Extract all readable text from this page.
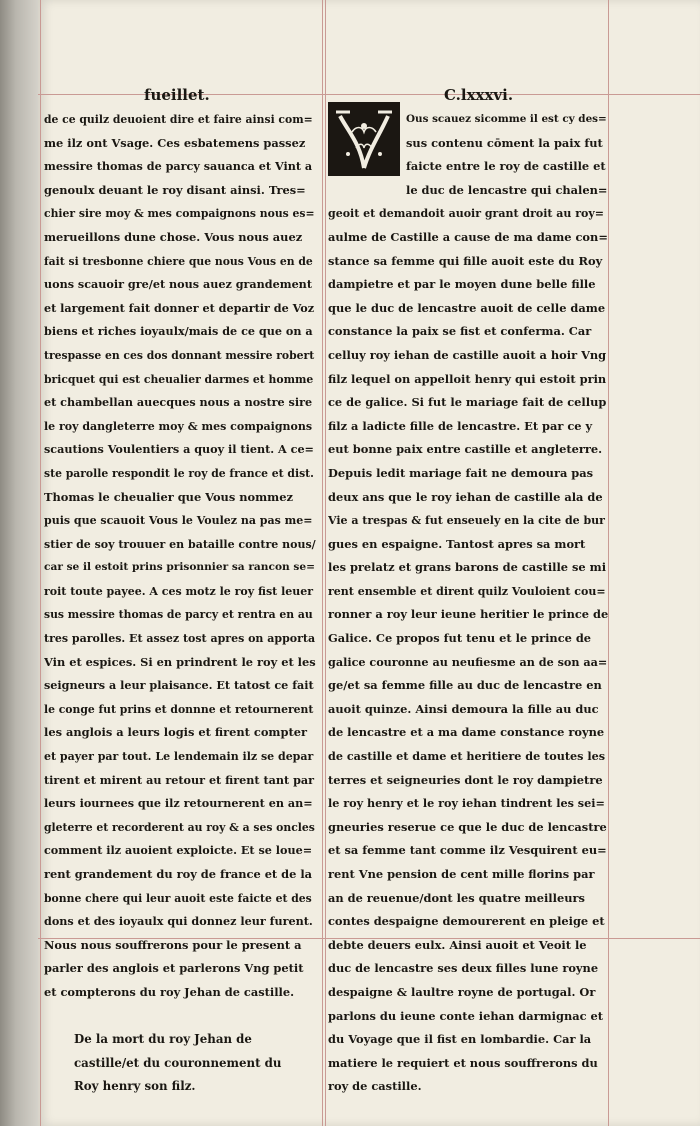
fueillet.	C.lxxxvi.
de ce quilz deuoient dire et faire ainsi com=
me ilz ont Vsage. Ces esbatemens passez
messire thomas de parcy sauanca et Vint a
genoulx deuant le roy disant ainsi. Tres=
chier sire moy & mes compaignons nous es=
merueillons dune chose. Vous nous auez
fait si tresbonne chiere que nous Vous en de
uons scauoir gre/et nous auez grandement
et largement fait donner et departir de Voz
biens et riches ioyaulx/mais de ce que on a
trespasse en ces dos donnant messire robert
bricquet qui est cheualier darmes et homme
et chambellan auecques nous a nostre sire
le roy dangleterre moy & mes compaignons
scautions Voulentiers a quoy il tient. A ce=
ste parolle respondit le roy de france et dist.
Thomas le cheualier que Vous nommez
puis que scauoit Vous le Voulez na pas me=
stier de soy trouuer en bataille contre nous/
car se il estoit prins prisonnier sa rancon se=
roit toute payee. A ces motz le roy fist leuer
sus messire thomas de parcy et rentra en au
tres parolles. Et assez tost apres on apporta
Vin et espices. Si en prindrent le roy et les
seigneurs a leur plaisance. Et tatost ce fait
le conge fut prins et donnne et retournerent
les anglois a leurs logis et firent compter
et payer par tout. Le lendemain ilz se depar
tirent et mirent au retour et firent tant par
leurs iournees que ilz retournerent en an=
gleterre et recorderent au roy & a ses oncles
comment ilz auoient exploicte. Et se loue=
rent grandement du roy de france et de la
bonne chere qui leur auoit este faicte et des
dons et des ioyaulx qui donnez leur furent.
Nous nous souffrerons pour le present a
parler des anglois et parlerons Vng petit
et compterons du roy Jehan de castille.
De la mort du roy Jehan de
castille/et du couronnement du
Roy henry son filz.
Ous scauez sicomme il est cy des=
sus contenu cōment la paix fut
faicte entre le roy de castille et
le duc de lencastre qui chalen=
geoit et demandoit auoir grant droit au roy=
aulme de Castille a cause de ma dame con=
stance sa femme qui fille auoit este du Roy
dampietre et par le moyen dune belle fille
que le duc de lencastre auoit de celle dame
constance la paix se fist et conferma. Car
celluy roy iehan de castille auoit a hoir Vng
filz lequel on appelloit henry qui estoit prin
ce de galice. Si fut le mariage fait de cellup
filz a ladicte fille de lencastre. Et par ce y
eut bonne paix entre castille et angleterre.
Depuis ledit mariage fait ne demoura pas
deux ans que le roy iehan de castille ala de
Vie a trespas & fut enseuely en la cite de bur
gues en espaigne. Tantost apres sa mort
les prelatz et grans barons de castille se mi
rent ensemble et dirent quilz Vouloient cou=
ronner a roy leur ieune heritier le prince de
Galice. Ce propos fut tenu et le prince de
galice couronne au neufiesme an de son aa=
ge/et sa femme fille au duc de lencastre en
auoit quinze. Ainsi demoura la fille au duc
de lencastre et a ma dame constance royne
de castille et dame et heritiere de toutes les
terres et seigneuries dont le roy dampietre
le roy henry et le roy iehan tindrent les sei=
gneuries reserue ce que le duc de lencastre
et sa femme tant comme ilz Vesquirent eu=
rent Vne pension de cent mille florins par
an de reuenue/dont les quatre meilleurs
contes despaigne demourerent en pleige et
debte deuers eulx. Ainsi auoit et Veoit le
duc de lencastre ses deux filles lune royne
despaigne & laultre royne de portugal. Or
parlons du ieune conte iehan darmignac et
du Voyage que il fist en lombardie. Car la
matiere le requiert et nous souffrerons du
roy de castille.
